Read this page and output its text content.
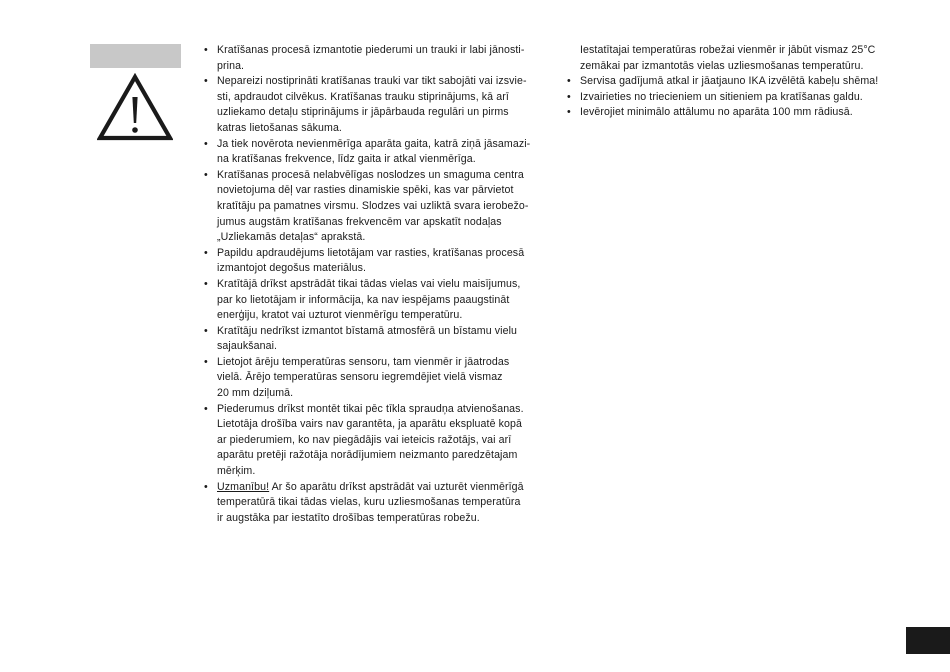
• Kratīšanas procesā izmantotie piederumi un trauki ir labi jānosti-
prina.
• Nepareizi nostiprināti kratīšanas trauki var tikt sabojāti vai izsvie-
sti, apdraudot cilvēkus. Kratīšanas trauku stiprinājums, kā arī
uzliekamo detaļu stiprinājums ir jāpārbauda regulāri un pirms
katras lietošanas sākuma.
• Ja tiek novērota nevienmērīga aparāta gaita, katrā ziņā jāsamazi-
na kratīšanas frekvence, līdz gaita ir atkal vienmērīga.
• Kratīšanas procesā nelabvēlīgas noslodzes un smaguma centra
novietojuma dēļ var rasties dinamiskie spēki, kas var pārvietot
kratītāju pa pamatnes virsmu. Slodzes vai uzliktā svara ierobežo-
jumus augstām kratīšanas frekvencēm var apskatīt nodaļas
„Uzliekamās detaļas“ aprakstā.
• Papildu apdraudējums lietotājam var rasties, kratīšanas procesā
izmantojot degošus materiālus.
• Kratītājā drīkst apstrādāt tikai tādas vielas vai vielu maisījumus,
par ko lietotājam ir informācija, ka nav iespējams paaugstināt
enerģiju, kratot vai uzturot vienmērīgu temperatūru.
• Kratītāju nedrīkst izmantot bīstamā atmosfērā un bīstamu vielu
sajaukšanai.
• Lietojot ārēju temperatūras sensoru, tam vienmēr ir jāatrodas
vielā. Ārējo temperatūras sensoru iegremdējiet vielā vismaz
20 mm dziļumā.
• Piederumus drīkst montēt tikai pēc tīkla spraudņa atvienošanas.
Lietotāja drošība vairs nav garantēta, ja aparātu ekspluatē kopā
ar piederumiem, ko nav piegādājis vai ieteicis ražotājs, vai arī
aparātu pretēji ražotāja norādījumiem neizmanto paredzētajam
mērķim.
• Uzmanību! Ar šo aparātu drīkst apstrādāt vai uzturēt vienmērīgā
temperatūrā tikai tādas vielas, kuru uzliesmošanas temperatūra
ir augstāka par iestatīto drošības temperatūras robežu.
Iestatītajai temperatūras robežai vienmēr ir jābūt vismaz 25°C
zemākai par izmantotās vielas uzliesmošanas temperatūru.
• Servisa gadījumā atkal ir jāatjauno IKA izvēlētā kabeļu shēma!
• Izvairieties no triecieniem un sitieniem pa kratīšanas galdu.
• Ievērojiet minimālo attālumu no aparāta 100 mm rādiusā.
